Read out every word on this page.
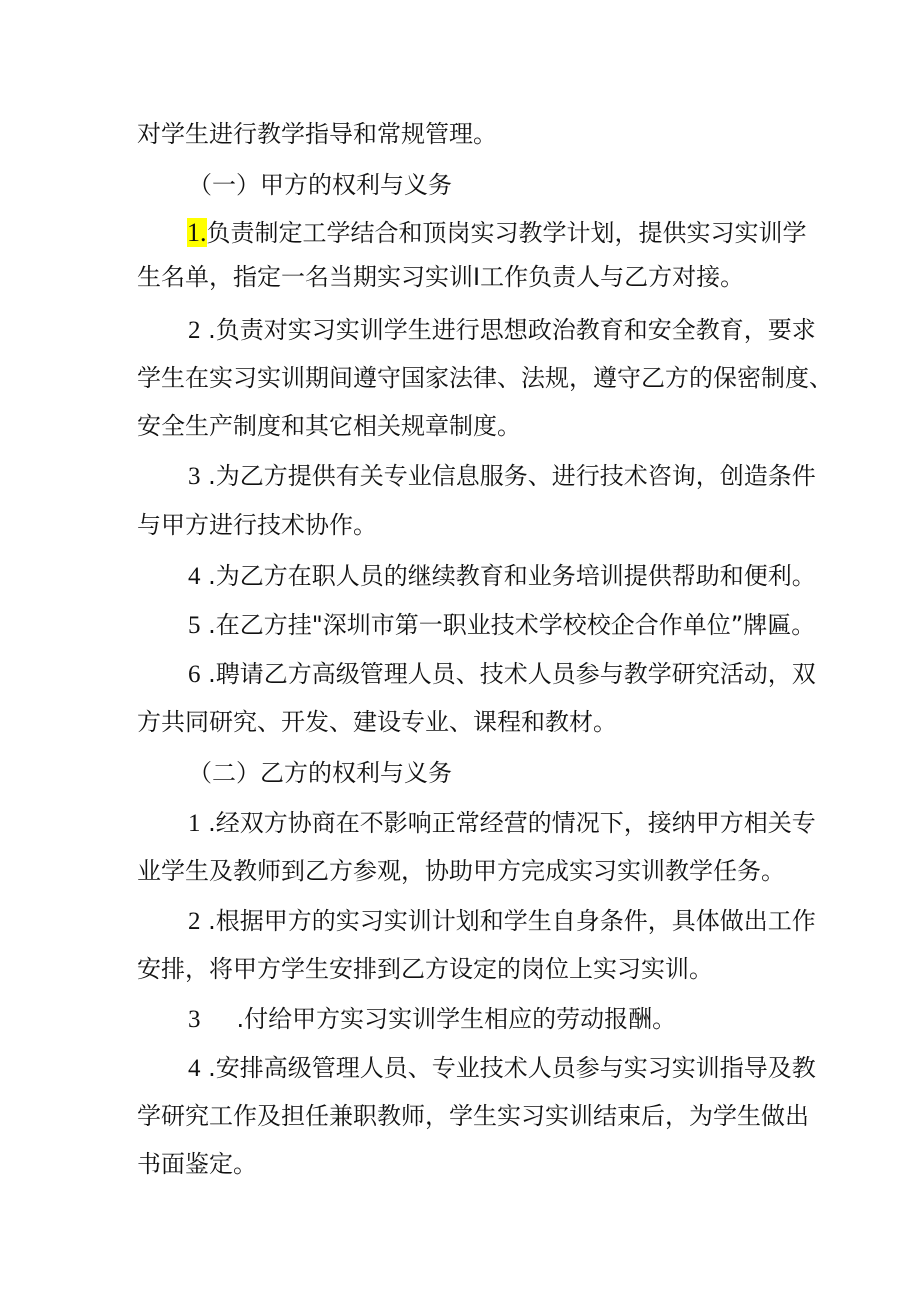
对学生进行教学指导和常规管理。
（一）甲方的权利与义务
1.负责制定工学结合和顶岗实习教学计划，提供实习实训学
生名单，指定一名当期实习实训I工作负责人与乙方对接。
2 .负责对实习实训学生进行思想政治教育和安全教育，要求
学生在实习实训期间遵守国家法律、法规，遵守乙方的保密制度、
安全生产制度和其它相关规章制度。
3 .为乙方提供有关专业信息服务、进行技术咨询，创造条件
与甲方进行技术协作。
4 .为乙方在职人员的继续教育和业务培训提供帮助和便利。
5 .在乙方挂"深圳市第一职业技术学校校企合作单位”牌匾。
6 .聘请乙方高级管理人员、技术人员参与教学研究活动，双
方共同研究、开发、建设专业、课程和教材。
（二）乙方的权利与义务
1 .经双方协商在不影响正常经营的情况下，接纳甲方相关专
业学生及教师到乙方参观，协助甲方完成实习实训教学任务。
2 .根据甲方的实习实训计划和学生自身条件，具体做出工作
安排，将甲方学生安排到乙方设定的岗位上实习实训。
3 .付给甲方实习实训学生相应的劳动报酬。
4 .安排高级管理人员、专业技术人员参与实习实训指导及教
学研究工作及担任兼职教师，学生实习实训结束后，为学生做出
书面鉴定。
